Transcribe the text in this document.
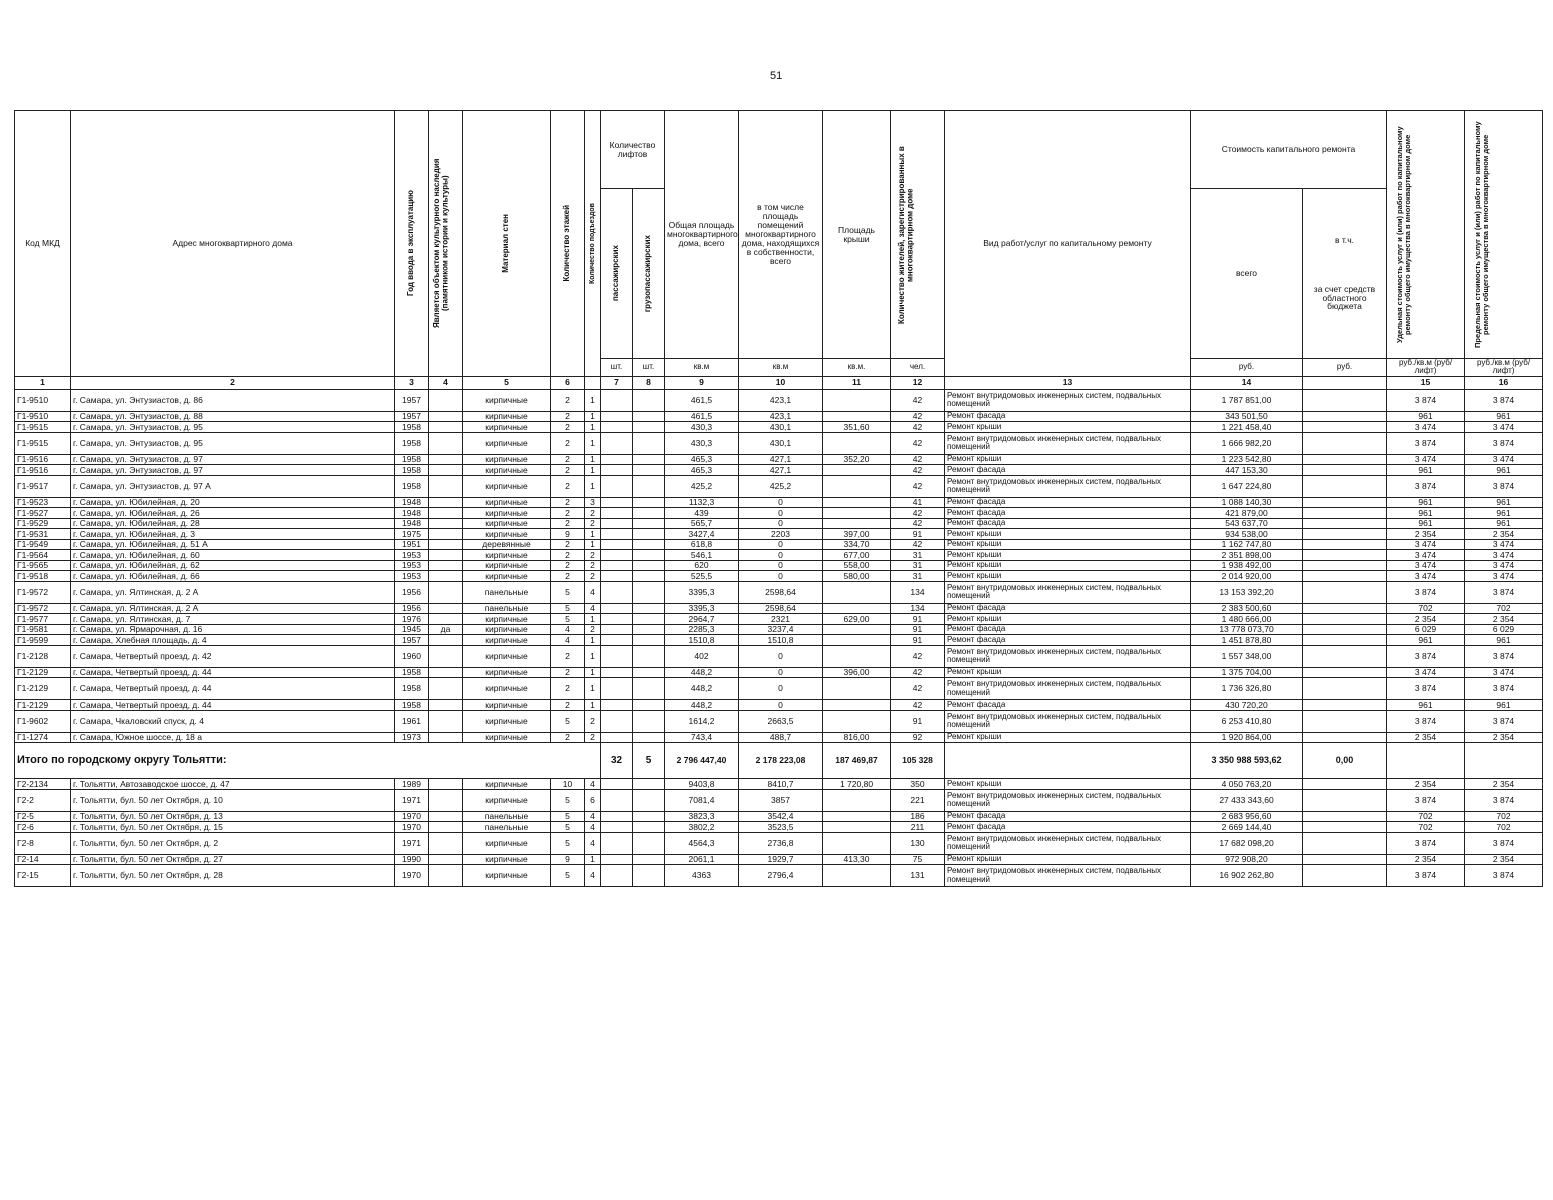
51
Код МКД	Адрес многоквартирного дома	Год ввода в эксплуатацию	Является объектом культурного наследия (памятником истории и культуры)	Материал стен	Количество этажей	Количество подъездов	Количество лифтов		Общая площадь многоквартирного дома, всего	в том числе площадь помещений многоквартирного дома, находящихся в собственности, всего	Площадь крыши	Количество жителей, зарегистрированных в многоквартирном доме	Вид работ/услуг по капитальному ремонту	Стоимость капитального ремонта		Удельная стоимость услуг и (или) работ по капитальному ремонту общего имущества в многоквартирном доме	Предельная стоимость услуг и (или) работ по капитальному ремонту общего имущества в многоквартирном доме

							пассажирских	грузопассажирских						всего	в т.ч.
за счет средств областного бюджета		

							шт.	шт.	кв.м	кв.м	кв.м.	чел.		руб.	руб.	руб./кв.м (руб/лифт)	руб./кв.м (руб/лифт)
1	2	3	4	5	6		7	8	9	10	11	12	13	14		15	16
Г1-9510	г. Самара, ул. Энтузиастов, д. 86	1957		кирпичные	2	1			461,5	423,1		42	Ремонт внутридомовых инженерных систем, подвальных помещений	1 787 851,00		3 874	3 874
Г1-9510	г. Самара, ул. Энтузиастов, д. 88	1957		кирпичные	2	1			461,5	423,1		42	Ремонт фасада	343 501,50		961	961
Г1-9515	г. Самара, ул. Энтузиастов, д. 95	1958		кирпичные	2	1			430,3	430,1	351,60	42	Ремонт крыши	1 221 458,40		3 474	3 474
Г1-9515	г. Самара, ул. Энтузиастов, д. 95	1958		кирпичные	2	1			430,3	430,1		42	Ремонт внутридомовых инженерных систем, подвальных помещений	1 666 982,20		3 874	3 874
Г1-9516	г. Самара, ул. Энтузиастов, д. 97	1958		кирпичные	2	1			465,3	427,1	352,20	42	Ремонт крыши	1 223 542,80		3 474	3 474
Г1-9516	г. Самара, ул. Энтузиастов, д. 97	1958		кирпичные	2	1			465,3	427,1		42	Ремонт фасада	447 153,30		961	961
Г1-9517	г. Самара, ул. Энтузиастов, д. 97 А	1958		кирпичные	2	1			425,2	425,2		42	Ремонт внутридомовых инженерных систем, подвальных помещений	1 647 224,80		3 874	3 874
Г1-9523	г. Самара, ул. Юбилейная, д. 20	1948		кирпичные	2	3			1132,3	0		41	Ремонт фасада	1 088 140,30		961	961
Г1-9527	г. Самара, ул. Юбилейная, д. 26	1948		кирпичные	2	2			439	0		42	Ремонт фасада	421 879,00		961	961
Г1-9529	г. Самара, ул. Юбилейная, д. 28	1948		кирпичные	2	2			565,7	0		42	Ремонт фасада	543 637,70		961	961
Г1-9531	г. Самара, ул. Юбилейная, д. 3	1975		кирпичные	9	1			3427,4	2203	397,00	91	Ремонт крыши	934 538,00		2 354	2 354
Г1-9549	г. Самара, ул. Юбилейная, д. 51 А	1951		деревянные	2	1			618,8	0	334,70	42	Ремонт крыши	1 162 747,80		3 474	3 474
Г1-9564	г. Самара, ул. Юбилейная, д. 60	1953		кирпичные	2	2			546,1	0	677,00	31	Ремонт крыши	2 351 898,00		3 474	3 474
Г1-9565	г. Самара, ул. Юбилейная, д. 62	1953		кирпичные	2	2			620	0	558,00	31	Ремонт крыши	1 938 492,00		3 474	3 474
Г1-9518	г. Самара, ул. Юбилейная, д. 66	1953		кирпичные	2	2			525,5	0	580,00	31	Ремонт крыши	2 014 920,00		3 474	3 474
Г1-9572	г. Самара, ул. Ялтинская, д. 2 А	1956		панельные	5	4			3395,3	2598,64		134	Ремонт внутридомовых инженерных систем, подвальных помещений	13 153 392,20		3 874	3 874
Г1-9572	г. Самара, ул. Ялтинская, д. 2 А	1956		панельные	5	4			3395,3	2598,64		134	Ремонт фасада	2 383 500,60		702	702
Г1-9577	г. Самара, ул. Ялтинская, д. 7	1976		кирпичные	5	1			2964,7	2321	629,00	91	Ремонт крыши	1 480 666,00		2 354	2 354
Г1-9581	г. Самара, ул. Ярмарочная, д. 16	1945	да	кирпичные	4	2			2285,3	3237,4		91	Ремонт фасада	13 778 073,70		6 029	6 029
Г1-9599	г. Самара, Хлебная площадь, д. 4	1957		кирпичные	4	1			1510,8	1510,8		91	Ремонт фасада	1 451 878,80		961	961
Г1-2128	г. Самара, Четвертый проезд, д. 42	1960		кирпичные	2	1			402	0		42	Ремонт внутридомовых инженерных систем, подвальных помещений	1 557 348,00		3 874	3 874
Г1-2129	г. Самара, Четвертый проезд, д. 44	1958		кирпичные	2	1			448,2	0	396,00	42	Ремонт крыши	1 375 704,00		3 474	3 474
Г1-2129	г. Самара, Четвертый проезд, д. 44	1958		кирпичные	2	1			448,2	0		42	Ремонт внутридомовых инженерных систем, подвальных помещений	1 736 326,80		3 874	3 874
Г1-2129	г. Самара, Четвертый проезд, д. 44	1958		кирпичные	2	1			448,2	0		42	Ремонт фасада	430 720,20		961	961
Г1-9602	г. Самара, Чкаловский спуск, д. 4	1961		кирпичные	5	2			1614,2	2663,5		91	Ремонт внутридомовых инженерных систем, подвальных помещений	6 253 410,80		3 874	3 874
Г1-1274	г. Самара, Южное шоссе, д. 18 а	1973		кирпичные	2	2			743,4	488,7	816,00	92	Ремонт крыши	1 920 864,00		2 354	2 354
Итого по городскому округу Тольятти:							32	5	2 796 447,40	2 178 223,08	187 469,87	105 328		3 350 988 593,62	0,00		
Г2-2134	г. Тольятти, Автозаводское шоссе, д. 47	1989		кирпичные	10	4			9403,8	8410,7	1 720,80	350	Ремонт крыши	4 050 763,20		2 354	2 354
Г2-2	г. Тольятти, бул. 50 лет Октября, д. 10	1971		кирпичные	5	6			7081,4	3857		221	Ремонт внутридомовых инженерных систем, подвальных помещений	27 433 343,60		3 874	3 874
Г2-5	г. Тольятти, бул. 50 лет Октября, д. 13	1970		панельные	5	4			3823,3	3542,4		186	Ремонт фасада	2 683 956,60		702	702
Г2-6	г. Тольятти, бул. 50 лет Октября, д. 15	1970		панельные	5	4			3802,2	3523,5		211	Ремонт фасада	2 669 144,40		702	702
Г2-8	г. Тольятти, бул. 50 лет Октября, д. 2	1971		кирпичные	5	4			4564,3	2736,8		130	Ремонт внутридомовых инженерных систем, подвальных помещений	17 682 098,20		3 874	3 874
Г2-14	г. Тольятти, бул. 50 лет Октября, д. 27	1990		кирпичные	9	1			2061,1	1929,7	413,30	75	Ремонт крыши	972 908,20		2 354	2 354
Г2-15	г. Тольятти, бул. 50 лет Октября, д. 28	1970		кирпичные	5	4			4363	2796,4		131	Ремонт внутридомовых инженерных систем, подвальных помещений	16 902 262,80		3 874	3 874
